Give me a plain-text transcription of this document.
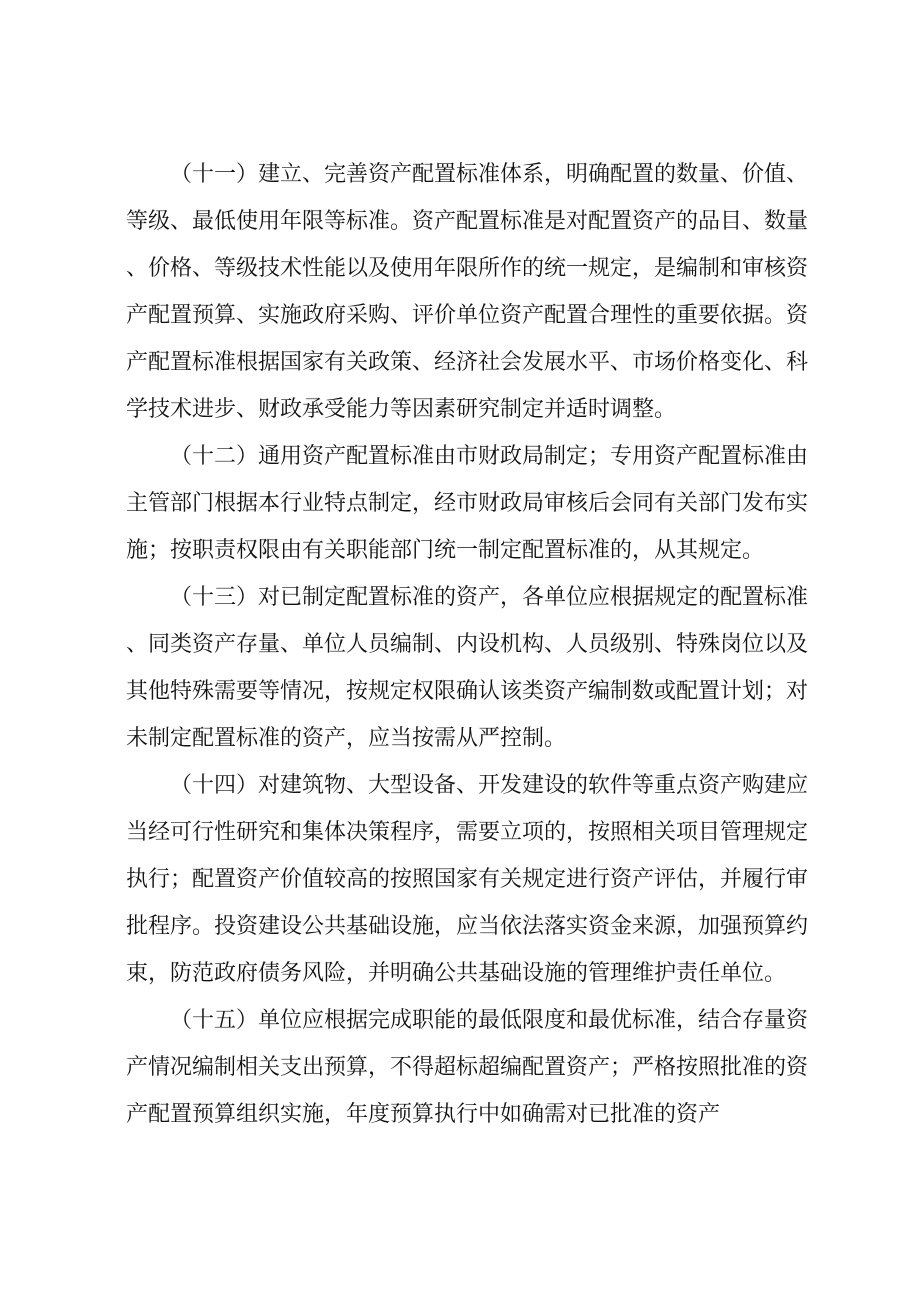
（十一）建立、完善资产配置标准体系，明确配置的数量、价值、等级、最低使用年限等标准。资产配置标准是对配置资产的品目、数量、价格、等级技术性能以及使用年限所作的统一规定，是编制和审核资产配置预算、实施政府采购、评价单位资产配置合理性的重要依据。资产配置标准根据国家有关政策、经济社会发展水平、市场价格变化、科学技术进步、财政承受能力等因素研究制定并适时调整。

（十二）通用资产配置标准由市财政局制定；专用资产配置标准由主管部门根据本行业特点制定，经市财政局审核后会同有关部门发布实施；按职责权限由有关职能部门统一制定配置标准的，从其规定。

（十三）对已制定配置标准的资产，各单位应根据规定的配置标准、同类资产存量、单位人员编制、内设机构、人员级别、特殊岗位以及其他特殊需要等情况，按规定权限确认该类资产编制数或配置计划；对未制定配置标准的资产，应当按需从严控制。

（十四）对建筑物、大型设备、开发建设的软件等重点资产购建应当经可行性研究和集体决策程序，需要立项的，按照相关项目管理规定执行；配置资产价值较高的按照国家有关规定进行资产评估，并履行审批程序。投资建设公共基础设施，应当依法落实资金来源，加强预算约束，防范政府债务风险，并明确公共基础设施的管理维护责任单位。

（十五）单位应根据完成职能的最低限度和最优标准，结合存量资产情况编制相关支出预算，不得超标超编配置资产；严格按照批准的资产配置预算组织实施，年度预算执行中如确需对已批准的资产
